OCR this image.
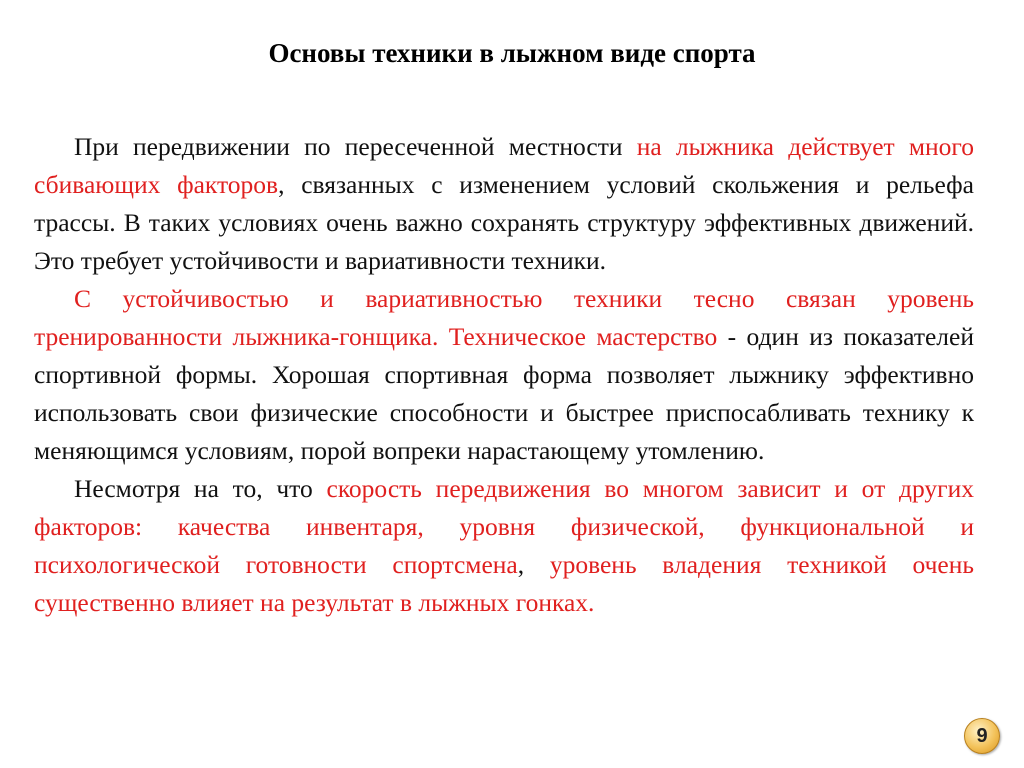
Основы техники в лыжном виде спорта

При передвижении по пересеченной местности на лыжника действует много сбивающих факторов, связанных с изменением условий скольжения и рельефа трассы. В таких условиях очень важно сохранять структуру эффективных движений. Это требует устойчивости и вариативности техники.

С устойчивостью и вариативностью техники тесно связан уровень тренированности лыжника-гонщика. Техническое мастерство - один из показателей спортивной формы. Хорошая спортивная форма позволяет лыжнику эффективно использовать свои физические способности и быстрее приспосабливать технику к меняющимся условиям, порой вопреки нарастающему утомлению.

Несмотря на то, что скорость передвижения во многом зависит и от других факторов: качества инвентаря, уровня физической, функциональной и психологической готовности спортсмена, уровень владения техникой очень существенно влияет на результат в лыжных гонках.

9
